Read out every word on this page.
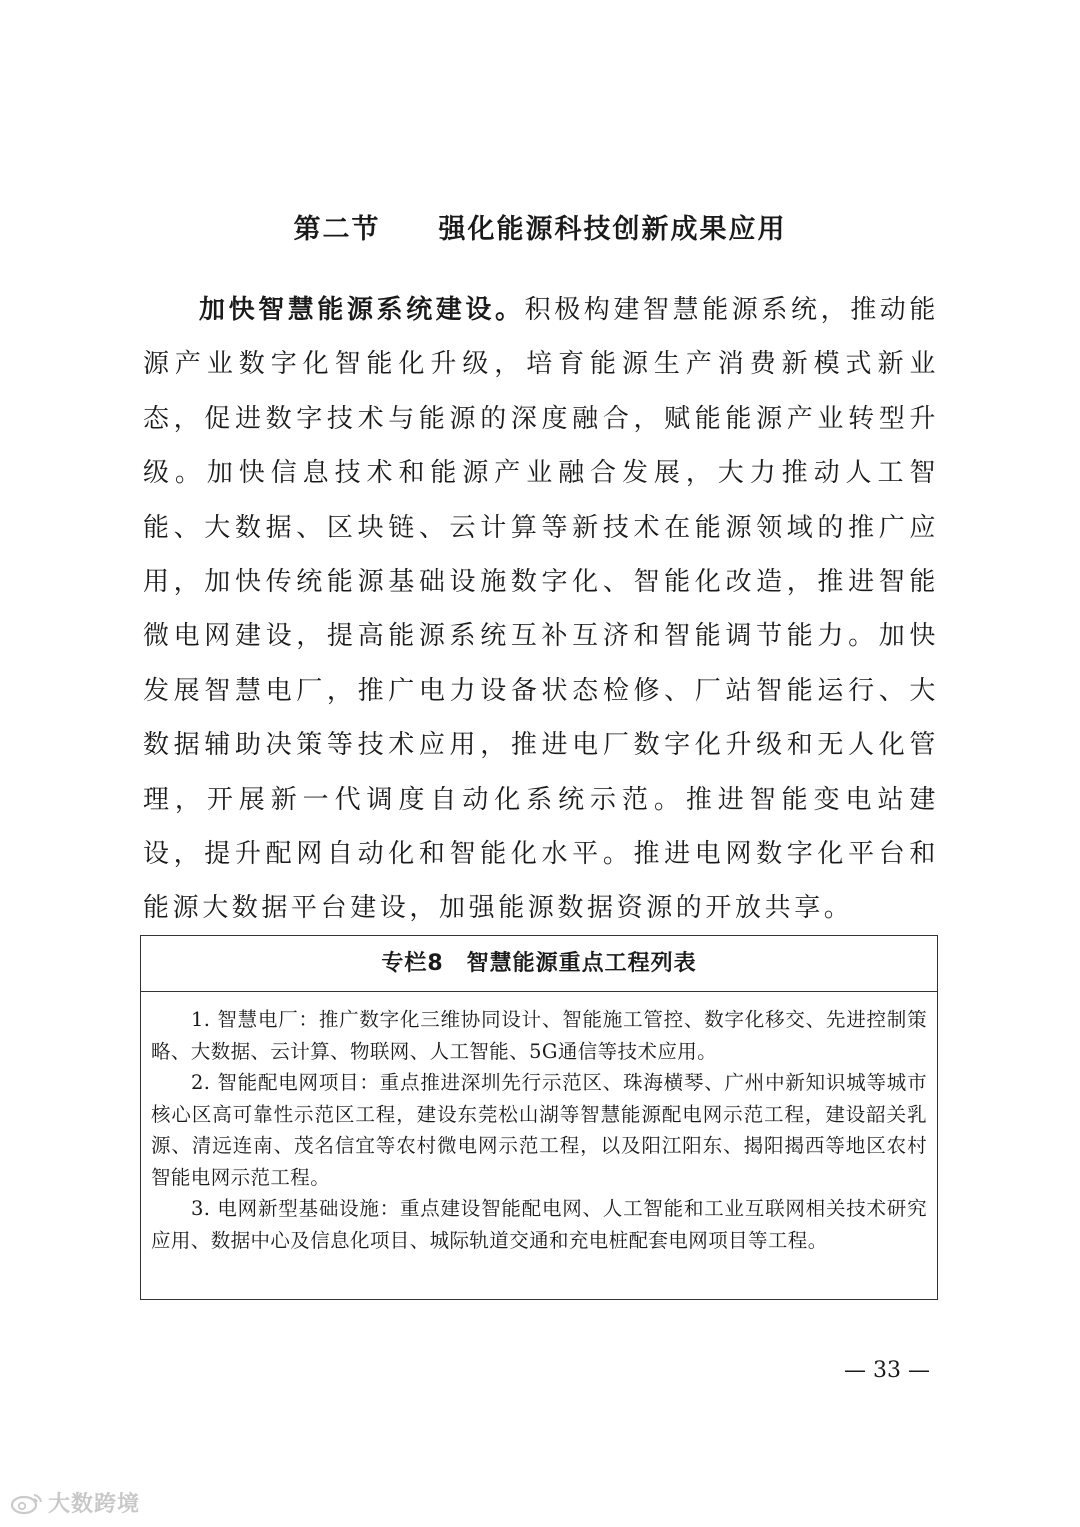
第二节　　强化能源科技创新成果应用

加快智慧能源系统建设。积极构建智慧能源系统，推动能源产业数字化智能化升级，培育能源生产消费新模式新业态，促进数字技术与能源的深度融合，赋能能源产业转型升级。加快信息技术和能源产业融合发展，大力推动人工智能、大数据、区块链、云计算等新技术在能源领域的推广应用，加快传统能源基础设施数字化、智能化改造，推进智能微电网建设，提高能源系统互补互济和智能调节能力。加快发展智慧电厂，推广电力设备状态检修、厂站智能运行、大数据辅助决策等技术应用，推进电厂数字化升级和无人化管理，开展新一代调度自动化系统示范。推进智能变电站建设，提升配网自动化和智能化水平。推进电网数字化平台和能源大数据平台建设，加强能源数据资源的开放共享。

专栏8　智慧能源重点工程列表

1. 智慧电厂：推广数字化三维协同设计、智能施工管控、数字化移交、先进控制策略、大数据、云计算、物联网、人工智能、5G通信等技术应用。

2. 智能配电网项目：重点推进深圳先行示范区、珠海横琴、广州中新知识城等城市核心区高可靠性示范区工程，建设东莞松山湖等智慧能源配电网示范工程，建设韶关乳源、清远连南、茂名信宜等农村微电网示范工程，以及阳江阳东、揭阳揭西等地区农村智能电网示范工程。

3. 电网新型基础设施：重点建设智能配电网、人工智能和工业互联网相关技术研究应用、数据中心及信息化项目、城际轨道交通和充电桩配套电网项目等工程。

— 33 —
大数跨境
